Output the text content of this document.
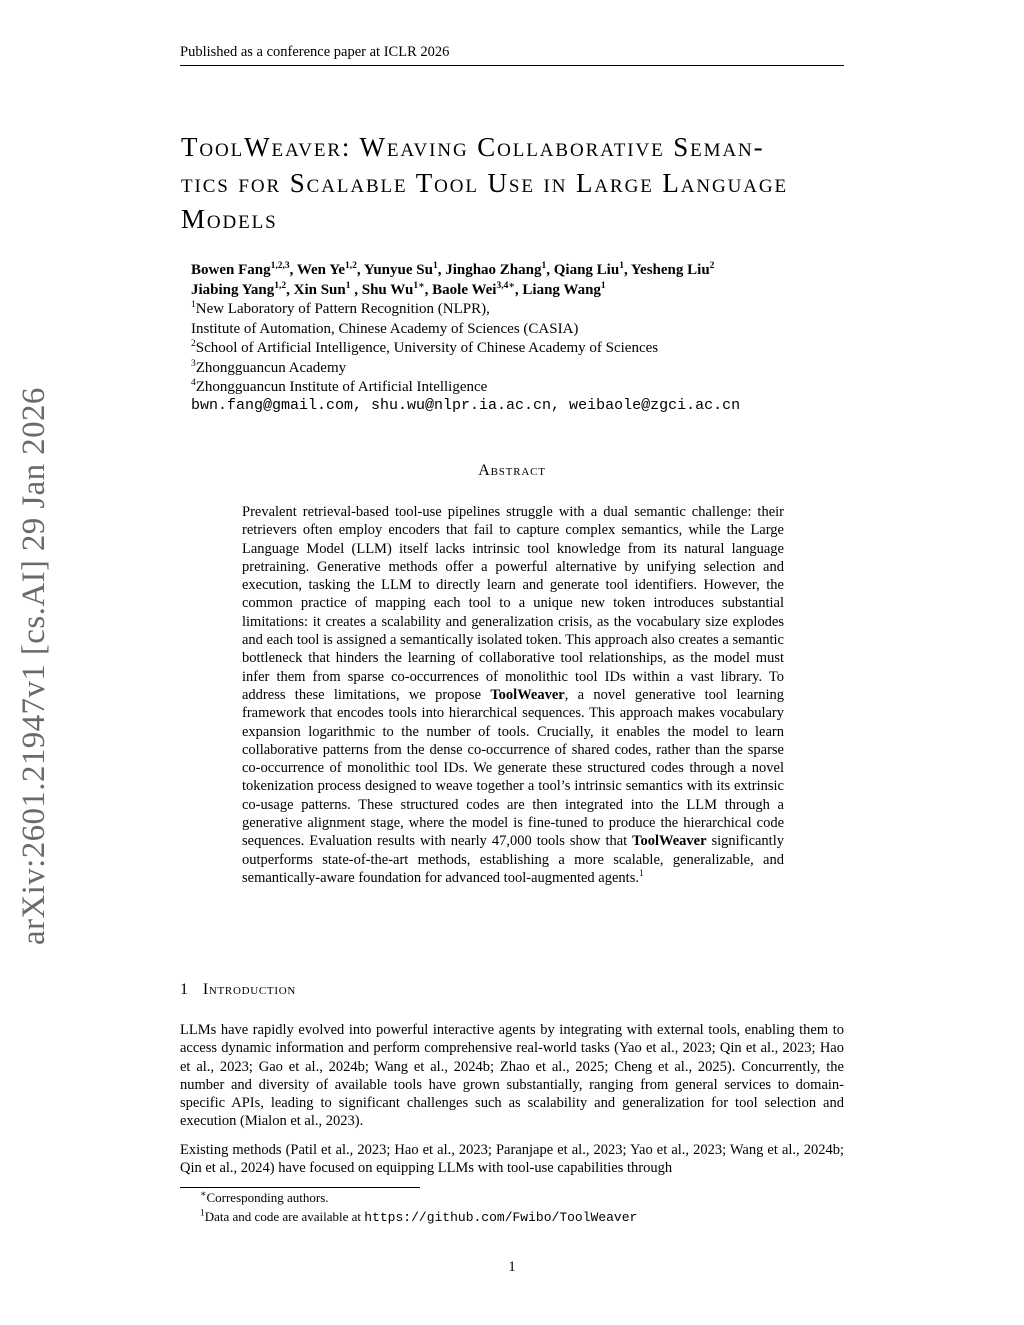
Published as a conference paper at ICLR 2026
arXiv:2601.21947v1 [cs.AI] 29 Jan 2026
ToolWeaver: Weaving Collaborative Seman-
tics for Scalable Tool Use in Large Language
Models
Bowen Fang$^{1,2,3}$, Wen Ye$^{1,2}$, Yunyue Su$^1$, Jinghao Zhang$^1$, Qiang Liu$^1$, Yesheng Liu$^2$
Jiabing Yang$^{1,2}$, Xin Sun$^1$ , Shu $Wu^{1∗}$, Baole Wei$^{3,4∗}$, Liang Wang$^1$
$^1$New Laboratory of Pattern Recognition (NLPR),
Institute of Automation, Chinese Academy of Sciences (CASIA)
$^2$School of Artificial Intelligence, University of Chinese Academy of Sciences
$^3$Zhongguancun Academy
$^4$Zhongguancun Institute of Artificial Intelligence
bwn.fang@gmail.com, shu.wu@nlpr.ia.ac.cn, weibaole@zgci.ac.cn
Abstract
Prevalent retrieval-based tool-use pipelines struggle with a dual semantic challenge: their retrievers often employ encoders that fail to capture complex semantics, while the Large Language Model (LLM) itself lacks intrinsic tool knowledge from its natural language pretraining. Generative methods offer a powerful alternative by unifying selection and execution, tasking the LLM to directly learn and generate tool identifiers. However, the common practice of mapping each tool to a unique new token introduces substantial limitations: it creates a scalability and generalization crisis, as the vocabulary size explodes and each tool is assigned a semantically isolated token. This approach also creates a semantic bottleneck that hinders the learning of collaborative tool relationships, as the model must infer them from sparse co-occurrences of monolithic tool IDs within a vast library. To address these limitations, we propose ToolWeaver, a novel generative tool learning framework that encodes tools into hierarchical sequences. This approach makes vocabulary expansion logarithmic to the number of tools. Crucially, it enables the model to learn collaborative patterns from the dense co-occurrence of shared codes, rather than the sparse co-occurrence of monolithic tool IDs. We generate these structured codes through a novel tokenization process designed to weave together a tool’s intrinsic semantics with its extrinsic co-usage patterns. These structured codes are then integrated into the LLM through a generative alignment stage, where the model is fine-tuned to produce the hierarchical code sequences. Evaluation results with nearly 47,000 tools show that ToolWeaver significantly outperforms state-of-the-art methods, establishing a more scalable, generalizable, and semantically-aware foundation for advanced tool-augmented agents.$^1$
1 Introduction
LLMs have rapidly evolved into powerful interactive agents by integrating with external tools, enabling them to access dynamic information and perform comprehensive real-world tasks (Yao et al., 2023; Qin et al., 2023; Hao et al., 2023; Gao et al., 2024b; Wang et al., 2024b; Zhao et al., 2025; Cheng et al., 2025). Concurrently, the number and diversity of available tools have grown substantially, ranging from general services to domain-specific APIs, leading to significant challenges such as scalability and generalization for tool selection and execution (Mialon et al., 2023).
Existing methods (Patil et al., 2023; Hao et al., 2023; Paranjape et al., 2023; Yao et al., 2023; Wang et al., 2024b; Qin et al., 2024) have focused on equipping LLMs with tool-use capabilities through
∗Corresponding authors.
$^1$Data and code are available at https://github.com/Fwibo/ToolWeaver
1
